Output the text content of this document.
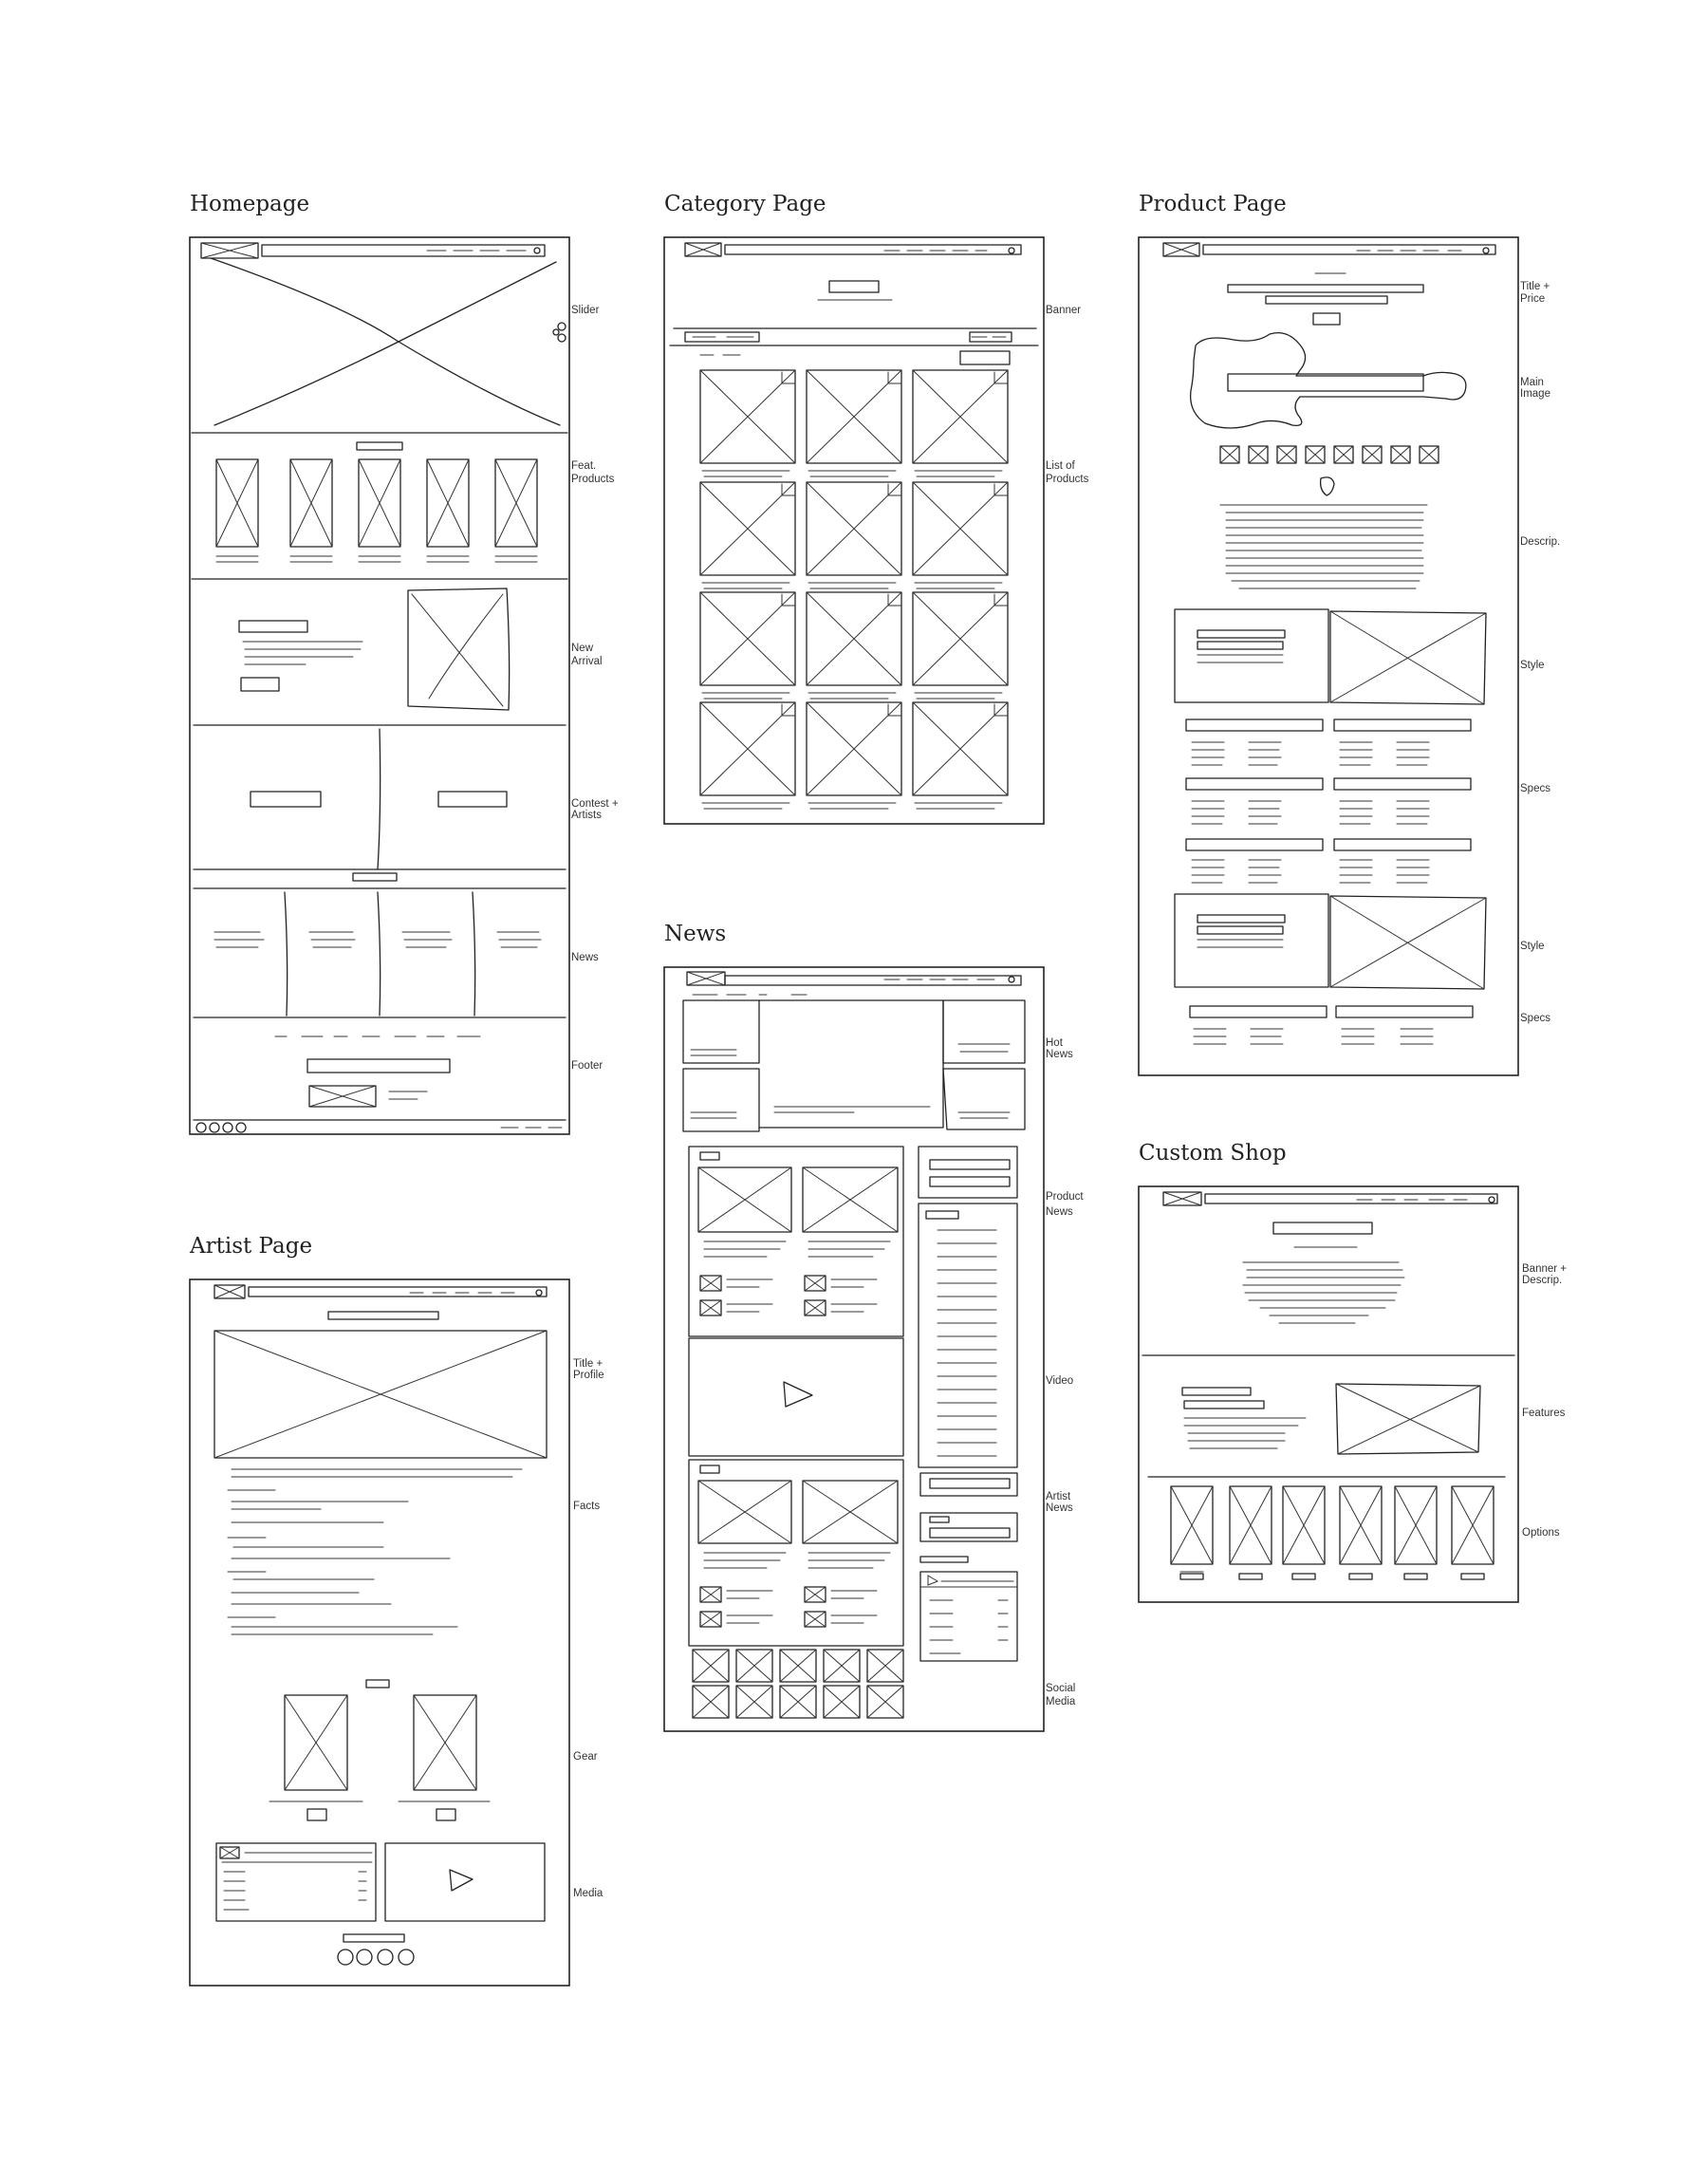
Homepage
Slider
Feat.
Products
New
Arrival
Contest +
Artists
News
Footer
Category Page
Banner
List of
Products
Product Page
Title +
Price
Main
Image
Descrip.
Style
Specs
Style
Specs
News
Hot
News
Product
News
Video
Artist
News
Social
Media
Artist Page
Title +
Profile
Facts
Gear
Media
Custom Shop
Banner +
Descrip.
Features
Options
